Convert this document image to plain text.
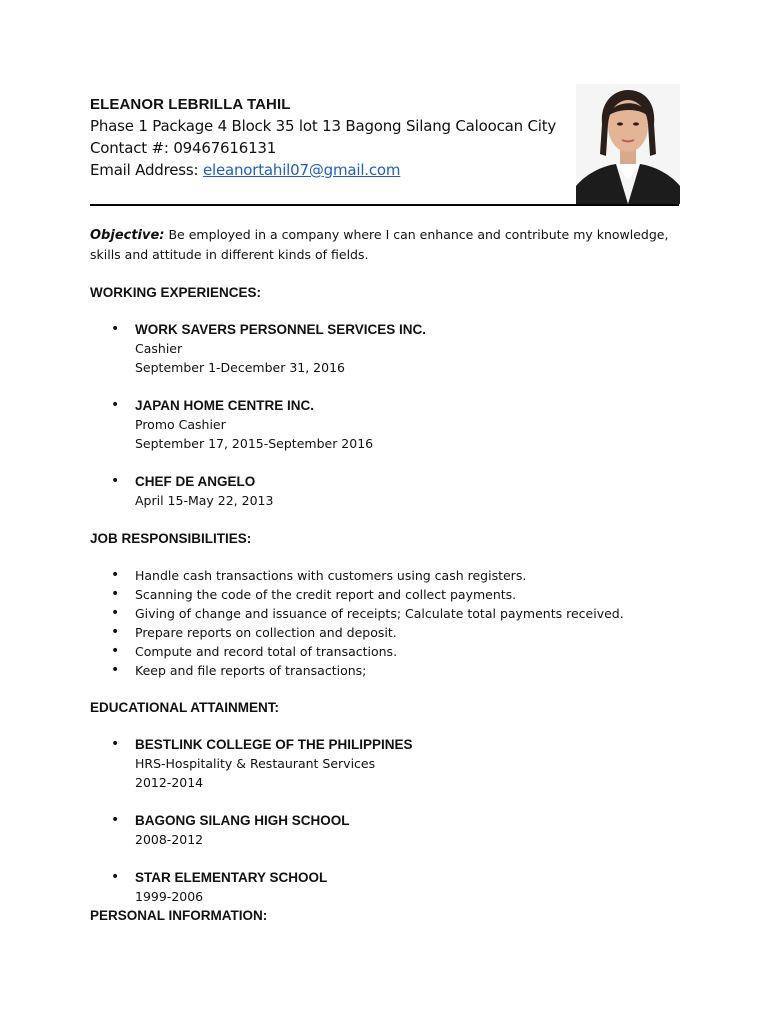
ELEANOR LEBRILLA TAHIL
Phase 1 Package 4 Block 35 lot 13 Bagong Silang Caloocan City
Contact #: 09467616131
Email Address: eleanortahil07@gmail.com

Objective: Be employed in a company where I can enhance and contribute my knowledge, skills and attitude in different kinds of fields.

WORKING EXPERIENCES:
• WORK SAVERS PERSONNEL SERVICES INC.
Cashier
September 1-December 31, 2016
• JAPAN HOME CENTRE INC.
Promo Cashier
September 17, 2015-September 2016
• CHEF DE ANGELO
April 15-May 22, 2013
JOB RESPONSIBILITIES:
• Handle cash transactions with customers using cash registers.
• Scanning the code of the credit report and collect payments.
• Giving of change and issuance of receipts; Calculate total payments received.
• Prepare reports on collection and deposit.
• Compute and record total of transactions.
• Keep and file reports of transactions;
EDUCATIONAL ATTAINMENT:
• BESTLINK COLLEGE OF THE PHILIPPINES
HRS-Hospitality & Restaurant Services
2012-2014
• BAGONG SILANG HIGH SCHOOL
2008-2012
• STAR ELEMENTARY SCHOOL
1999-2006
PERSONAL INFORMATION:
